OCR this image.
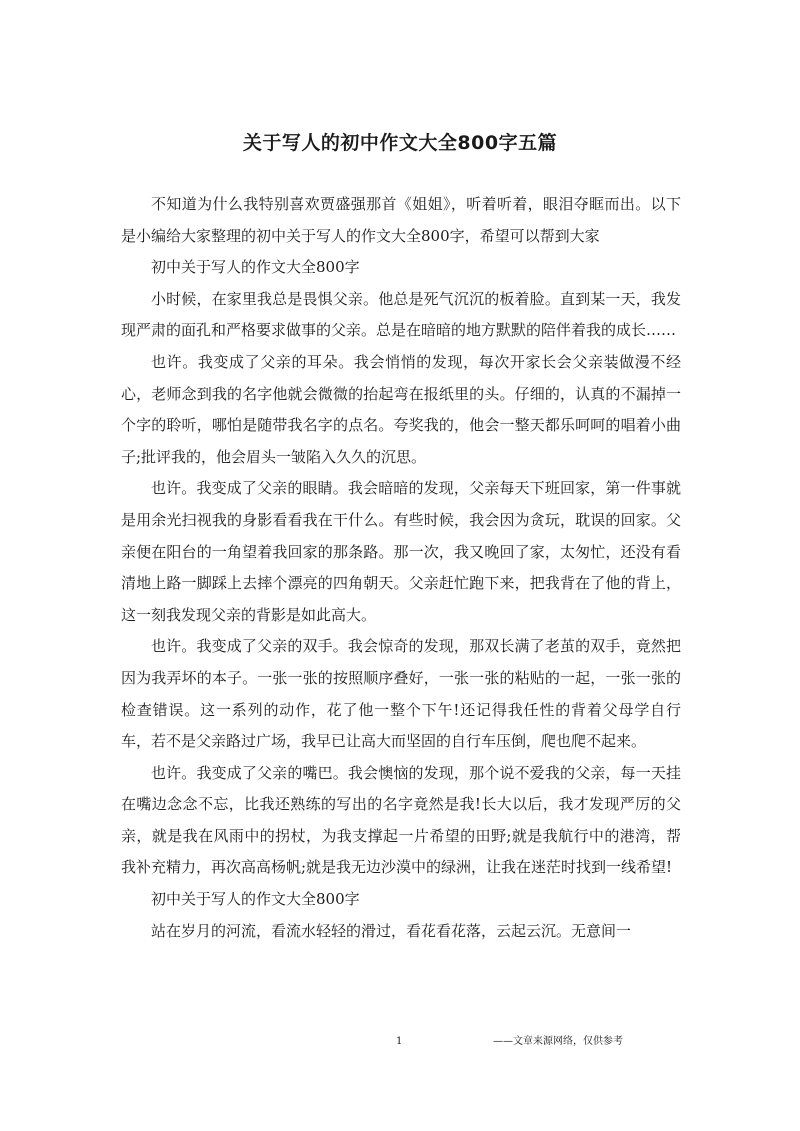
关于写人的初中作文大全800字五篇

不知道为什么我特别喜欢贾盛强那首《姐姐》，听着听着，眼泪夺眶而出。以下是小编给大家整理的初中关于写人的作文大全800字，希望可以帮到大家

初中关于写人的作文大全800字

小时候，在家里我总是畏惧父亲。他总是死气沉沉的板着脸。直到某一天，我发现严肃的面孔和严格要求做事的父亲。总是在暗暗的地方默默的陪伴着我的成长……

也许。我变成了父亲的耳朵。我会悄悄的发现，每次开家长会父亲装做漫不经心，老师念到我的名字他就会微微的抬起弯在报纸里的头。仔细的，认真的不漏掉一个字的聆听，哪怕是随带我名字的点名。夸奖我的，他会一整天都乐呵呵的唱着小曲子;批评我的，他会眉头一皱陷入久久的沉思。

也许。我变成了父亲的眼睛。我会暗暗的发现，父亲每天下班回家，第一件事就是用余光扫视我的身影看看我在干什么。有些时候，我会因为贪玩，耽误的回家。父亲便在阳台的一角望着我回家的那条路。那一次，我又晚回了家，太匆忙，还没有看清地上路一脚踩上去摔个漂亮的四角朝天。父亲赶忙跑下来，把我背在了他的背上，这一刻我发现父亲的背影是如此高大。

也许。我变成了父亲的双手。我会惊奇的发现，那双长满了老茧的双手，竟然把因为我弄坏的本子。一张一张的按照顺序叠好，一张一张的粘贴的一起，一张一张的检查错误。这一系列的动作，花了他一整个下午!还记得我任性的背着父母学自行车，若不是父亲路过广场，我早已让高大而坚固的自行车压倒，爬也爬不起来。

也许。我变成了父亲的嘴巴。我会懊恼的发现，那个说不爱我的父亲，每一天挂在嘴边念念不忘，比我还熟练的写出的名字竟然是我!长大以后，我才发现严厉的父亲，就是我在风雨中的拐杖，为我支撑起一片希望的田野;就是我航行中的港湾，帮我补充精力，再次高高杨帆;就是我无边沙漠中的绿洲，让我在迷茫时找到一线希望!

初中关于写人的作文大全800字

站在岁月的河流，看流水轻轻的滑过，看花看花落，云起云沉。无意间一

1	——文章来源网络，仅供参考
